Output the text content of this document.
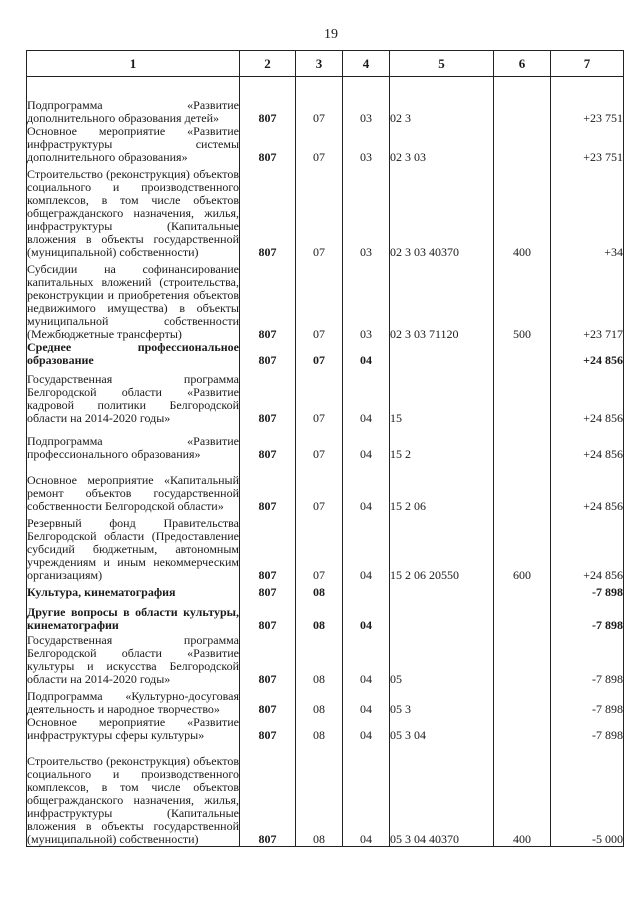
19
1	2	3	4	5	6	7
Подпрограмма «Развитие дополнительного образования детей»	807	07	03	02 3		+23 751
Основное мероприятие «Развитие инфраструктуры системы дополнительного образования»	807	07	03	02 3 03		+23 751
Строительство (реконструкция) объектов социального и производственного комплексов, в том числе объектов общегражданского назначения, жилья, инфраструктуры (Капитальные вложения в объекты государственной (муниципальной) собственности)	807	07	03	02 3 03 40370	400	+34
Субсидии на софинансирование капитальных вложений (строительства, реконструкции и приобретения объектов недвижимого имущества) в объекты муниципальной собственности (Межбюджетные трансферты)	807	07	03	02 3 03 71120	500	+23 717
Среднее профессиональное образование	807	07	04			+24 856
Государственная программа Белгородской области «Развитие кадровой политики Белгородской области на 2014-2020 годы»	807	07	04	15		+24 856
Подпрограмма «Развитие профессионального образования»	807	07	04	15 2		+24 856
Основное мероприятие «Капитальный ремонт объектов государственной собственности Белгородской области»	807	07	04	15 2 06		+24 856
Резервный фонд Правительства Белгородской области (Предоставление субсидий бюджетным, автономным учреждениям и иным некоммерческим организациям)	807	07	04	15 2 06 20550	600	+24 856
Культура, кинематография	807	08				-7 898
Другие вопросы в области культуры, кинематографии	807	08	04			-7 898
Государственная программа Белгородской области «Развитие культуры и искусства Белгородской области на 2014-2020 годы»	807	08	04	05		-7 898
Подпрограмма «Культурно-досуговая деятельность и народное творчество»	807	08	04	05 3		-7 898
Основное мероприятие «Развитие инфраструктуры сферы культуры»	807	08	04	05 3 04		-7 898
Строительство (реконструкция) объектов социального и производственного комплексов, в том числе объектов общегражданского назначения, жилья, инфраструктуры (Капитальные вложения в объекты государственной (муниципальной) собственности)	807	08	04	05 3 04 40370	400	-5 000
